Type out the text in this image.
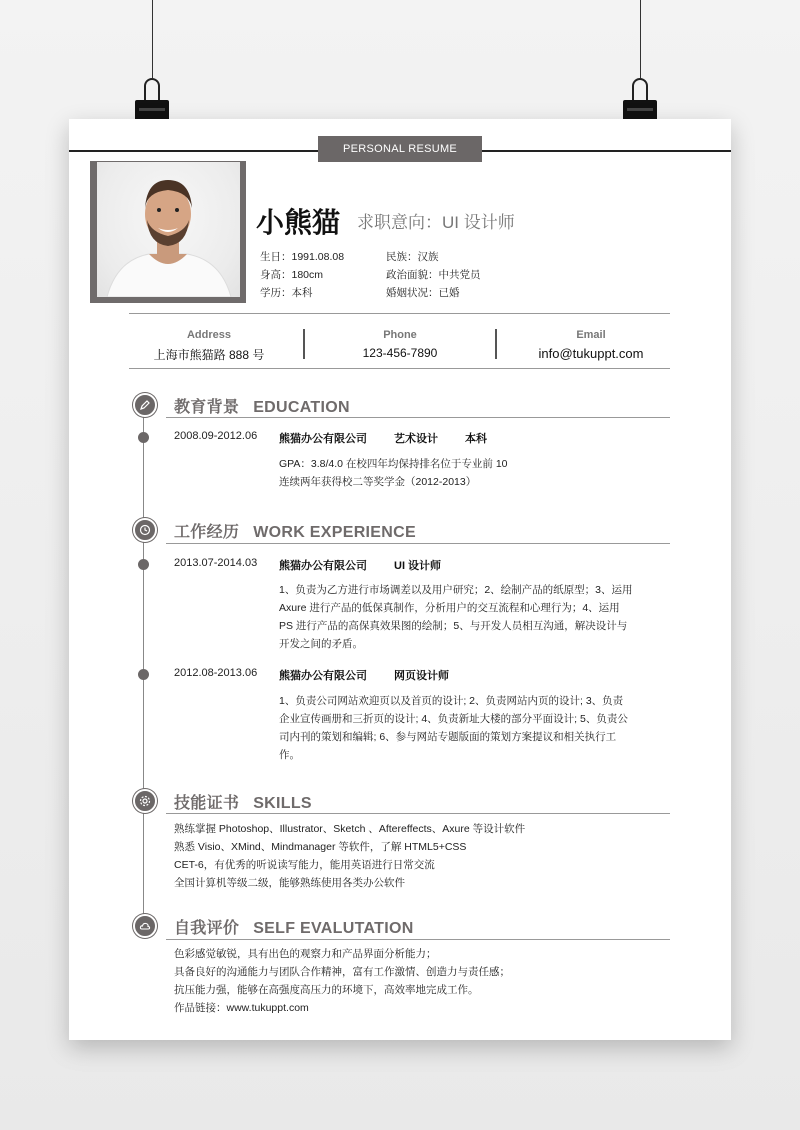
PERSONAL RESUME
小熊猫 求职意向：UI 设计师
生日：1991.08.08
身高：180cm
学历：本科
民族：汉族
政治面貌：中共党员
婚姻状况：已婚
Address
上海市熊猫路 888 号
Phone
123-456-7890
Email
info@tukuppt.com
教育背景 EDUCATION
2008.09-2012.06 熊猫办公有限公司 艺术设计 本科
GPA：3.8/4.0 在校四年均保持排名位于专业前 10
连续两年获得校二等奖学金（2012-2013）
工作经历 WORK EXPERIENCE
2013.07-2014.03 熊猫办公有限公司 UI 设计师
1、负责为乙方进行市场调差以及用户研究；2、绘制产品的纸原型；3、运用
Axure 进行产品的低保真制作，分析用户的交互流程和心理行为；4、运用
PS 进行产品的高保真效果图的绘制；5、与开发人员相互沟通，解决设计与
开发之间的矛盾。
2012.08-2013.06 熊猫办公有限公司 网页设计师
1、负责公司网站欢迎页以及首页的设计; 2、负责网站内页的设计; 3、负责
企业宣传画册和三折页的设计; 4、负责新址大楼的部分平面设计; 5、负责公
司内刊的策划和编辑; 6、参与网站专题版面的策划方案提议和相关执行工
作。
技能证书 SKILLS
熟练掌握 Photoshop、Illustrator、Sketch 、Aftereffects、Axure 等设计软件
熟悉 Visio、XMind、Mindmanager 等软件，了解 HTML5+CSS
CET-6，有优秀的听说读写能力，能用英语进行日常交流
全国计算机等级二级，能够熟练使用各类办公软件
自我评价 SELF EVALUTATION
色彩感觉敏锐，具有出色的观察力和产品界面分析能力；
具备良好的沟通能力与团队合作精神，富有工作激情、创造力与责任感；
抗压能力强，能够在高强度高压力的环境下，高效率地完成工作。
作品链接：www.tukuppt.com
